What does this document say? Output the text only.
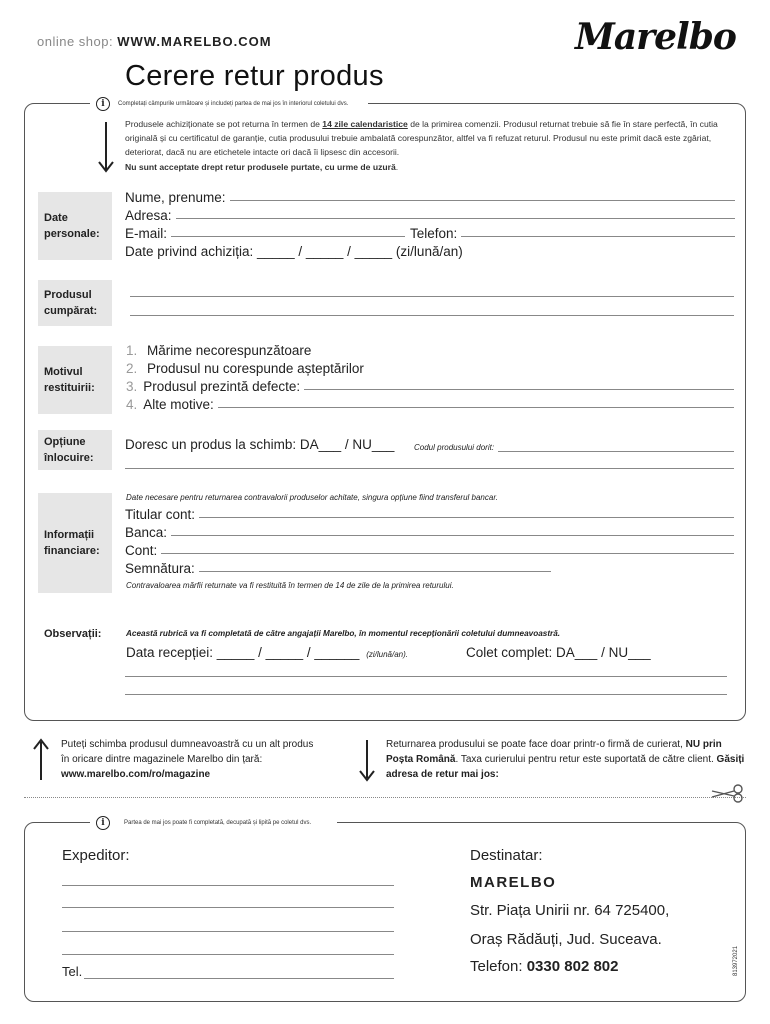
online shop: WWW.MARELBO.COM	Marelbo
Cerere retur produs
i	Completați câmpurile următoare și includeți partea de mai jos în interiorul coletului dvs.
Produsele achiziționate se pot returna în termen de 14 zile calendaristice de la primirea comenzii. Produsul returnat trebuie să fie în stare perfectă, în cutia originală și cu certificatul de garanție, cutia produsului trebuie ambalată corespunzător, altfel va fi refuzat returul. Produsul nu este primit dacă este zgâriat, deteriorat, dacă nu are etichetele intacte ori dacă îi lipsesc din accesorii.
Nu sunt acceptate drept retur produsele purtate, cu urme de uzură.
Date personale:
Nume, prenume:
Adresa:
E-mail:	Telefon:
Date privind achiziția: _____ / _____ / _____ (zi/lună/an)
Produsul cumpărat:
Motivul restituirii:
1. Mărime necorespunzătoare
2. Produsul nu corespunde așteptărilor
3. Produsul prezintă defecte:
4. Alte motive:
Opțiune înlocuire:
Doresc un produs la schimb: DA___ / NU___ Codul produsului dorit:
Informații financiare:
Date necesare pentru returnarea contravalorii produselor achitate, singura opțiune fiind transferul bancar.
Titular cont:
Banca:
Cont:
Semnătura:
Contravaloarea mărfii returnate va fi restituită în termen de 14 de zile de la primirea returului.
Observații:	Această rubrică va fi completată de către angajații Marelbo, în momentul recepționării coletului dumneavoastră.
Data recepției: _____ / _____ / ______ (zi/lună/an).	Colet complet: DA___ / NU___
Puteți schimba produsul dumneavoastră cu un alt produs în oricare dintre magazinele Marelbo din țară: www.marelbo.com/ro/magazine
Returnarea produsului se poate face doar printr-o firmă de curierat, NU prin Poșta Română. Taxa curierului pentru retur este suportată de către client. Găsiți adresa de retur mai jos:
i	Partea de mai jos poate fi completată, decupată și lipită pe coletul dvs.
Expeditor:
Tel.
Destinatar:
MARELBO
Str. Piața Unirii nr. 64 725400,
Oraș Rădăuți, Jud. Suceava.
Telefon: 0330 802 802	813972021
